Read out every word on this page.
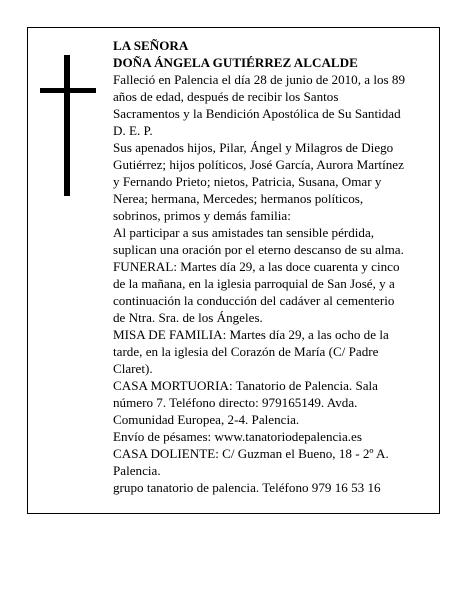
LA SEÑORA

DOÑA ÁNGELA GUTIÉRREZ ALCALDE

Falleció en Palencia el día 28 de junio de 2010, a los 89 años de edad, después de recibir los Santos Sacramentos y la Bendición Apostólica de Su Santidad

D. E. P.

Sus apenados hijos, Pilar, Ángel y Milagros de Diego Gutiérrez; hijos políticos, José García, Aurora Martínez y Fernando Prieto; nietos, Patricia, Susana, Omar y Nerea; hermana, Mercedes; hermanos políticos, sobrinos, primos y demás familia:

Al participar a sus amistades tan sensible pérdida, suplican una oración por el eterno descanso de su alma.

FUNERAL: Martes día 29, a las doce cuarenta y cinco de la mañana, en la iglesia parroquial de San José, y a continuación la conducción del cadáver al cementerio de Ntra. Sra. de los Ángeles.

MISA DE FAMILIA: Martes día 29, a las ocho de la tarde, en la iglesia del Corazón de María (C/ Padre Claret).

CASA MORTUORIA: Tanatorio de Palencia. Sala número 7. Teléfono directo: 979165149. Avda. Comunidad Europea, 2-4. Palencia.

Envío de pésames: www.tanatoriodepalencia.es

CASA DOLIENTE: C/ Guzman el Bueno, 18 - 2º A. Palencia.

grupo tanatorio de palencia. Teléfono 979 16 53 16
